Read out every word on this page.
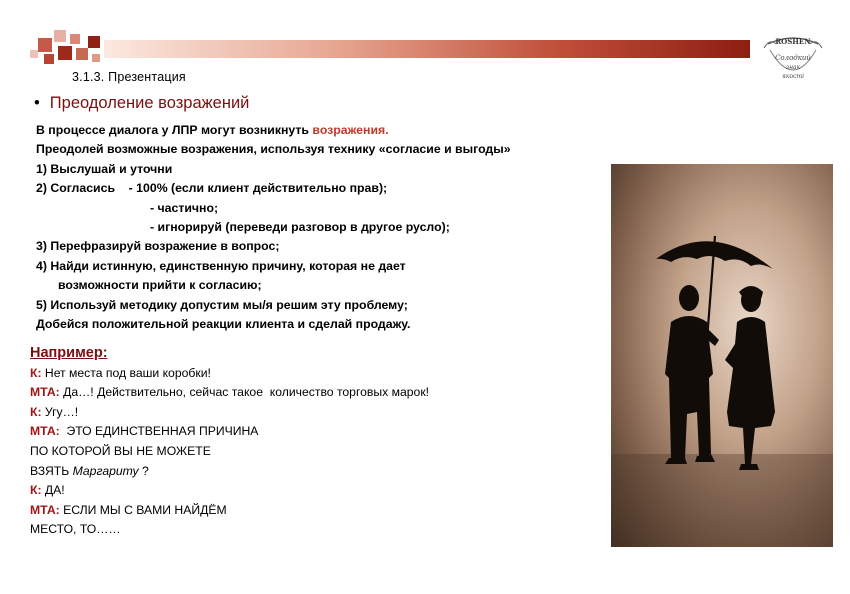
ROSHEN
Солодкий
знак
якості
3.1.3. Презентация
• Преодоление возражений
В процессе диалога у ЛПР могут возникнуть возражения.
Преодолей возможные возражения, используя технику «согласие и выгоды»
1) Выслушай и уточни
2) Согласись    - 100% (если клиент действительно прав);
- частично;
- игнорируй (переведи разговор в другое русло);
3) Перефразируй возражение в вопрос;
4) Найди истинную, единственную причину, которая не дает
возможности прийти к согласию;
5) Используй методику допустим мы/я решим эту проблему;
Добейся положительной реакции клиента и сделай продажу.
Например:
К: Нет места под ваши коробки!
МТА: Да…! Действительно, сейчас такое  количество торговых марок!
К: Угу…!
МТА:  ЭТО ЕДИНСТВЕННАЯ ПРИЧИНА
ПО КОТОРОЙ ВЫ НЕ МОЖЕТЕ
ВЗЯТЬ Маргариту ?
К: ДА!
МТА: ЕСЛИ МЫ С ВАМИ НАЙДЁМ
МЕСТО, ТО……
